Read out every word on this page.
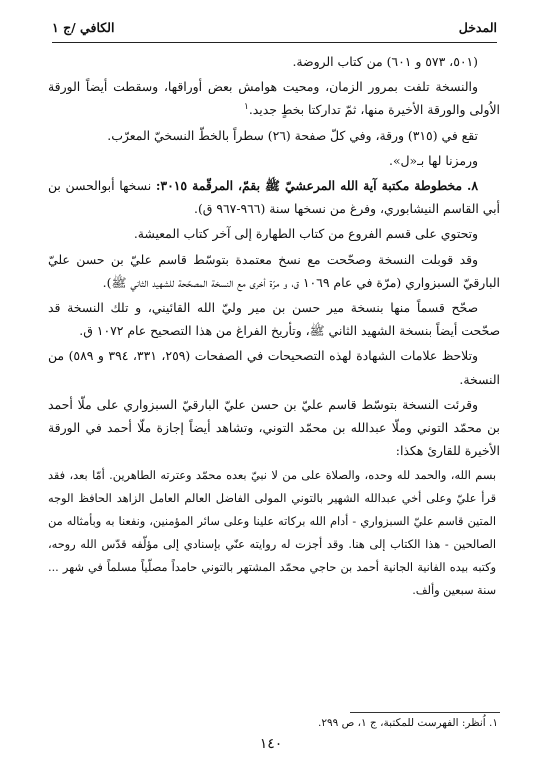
المدخل
الكافي /ج ١

(٥٠١، ٥٧٣ و ٦٠١) من كتاب الروضة.

والنسخة تلفت بمرور الزمان، ومحيت هوامش بعض أوراقها، وسقطت أيضاً الورقة الاُولى والورقة الأخيرة منها، ثمّ تداركتا بخطٍ جديد.$^١$

تقع في (٣١٥) ورقة، وفي كلّ صفحة (٢٦) سطراً بالخطّ النسخيّ المعرّب.

ورمزنا لها بـ«ل».

٨. مخطوطة مكتبة آية الله المرعشيّ ﷺ بقمّ، المرقّمة ٣٠١٥: نسخها أبوالحسن بن أبي القاسم النيشابوري، وفرغ من نسخها سنة (٩٦٦-٩٦٧ ق).

وتحتوي على قسم الفروع من كتاب الطهارة إلى آخر كتاب المعيشة.

وقد قوبلت النسخة وصحّحت مع نسخ معتمدة بتوسّط قاسم عليّ بن حسن عليّ البارقيّ السبزواري (مرّة في عام ١٠٦٩ ق، و مرّة أخرى مع النسخة المصحّحة للشهيد الثاني ﷺ).

صحّح قسماً منها بنسخة مير حسن بن مير وليّ الله القائيني، و تلك النسخة قد صحّحت أيضاً بنسخة الشهيد الثاني ﷺ، وتأريخ الفراغ من هذا التصحيح عام ١٠٧٢ ق.

وتلاحظ علامات الشهادة لهذه التصحيحات في الصفحات (٢٥٩، ٣٣١، ٣٩٤ و ٥٨٩) من النسخة.

وقرئت النسخة بتوسّط قاسم عليّ بن حسن عليّ البارقيّ السبزواري على ملّا أحمد بن محمّد التوني وملّا عبدالله بن محمّد التوني، وتشاهد أيضاً إجازة ملّا أحمد في الورقة الأخيرة للقارئ هكذا:

بسم الله، والحمد لله وحده، والصلاة على من لا نبيّ بعده محمّد وعترته الطاهرين. أمّا بعد، فقد قرأ عليّ وعلى أخي عبدالله الشهير بالتوني المولى الفاضل العالم العامل الزاهد الحافظ الوجه المتين قاسم عليّ السبزواري - أدام الله بركاته علينا وعلى سائر المؤمنين، ونفعنا به وبأمثاله من الصالحين - هذا الكتاب إلى هنا. وقد أجزت له روايته عنّي بإسنادي إلى مؤلّفه قدّس الله روحه، وكتبه بيده الفانية الجانية أحمد بن حاجي محمّد المشتهر بالتوني حامداً مصلّياً مسلماً في شهر ... سنة سبعين وألف.

١. اُنظر: الفهرست للمكتبة، ج ١، ص ٢٩٩.
١٤٠
